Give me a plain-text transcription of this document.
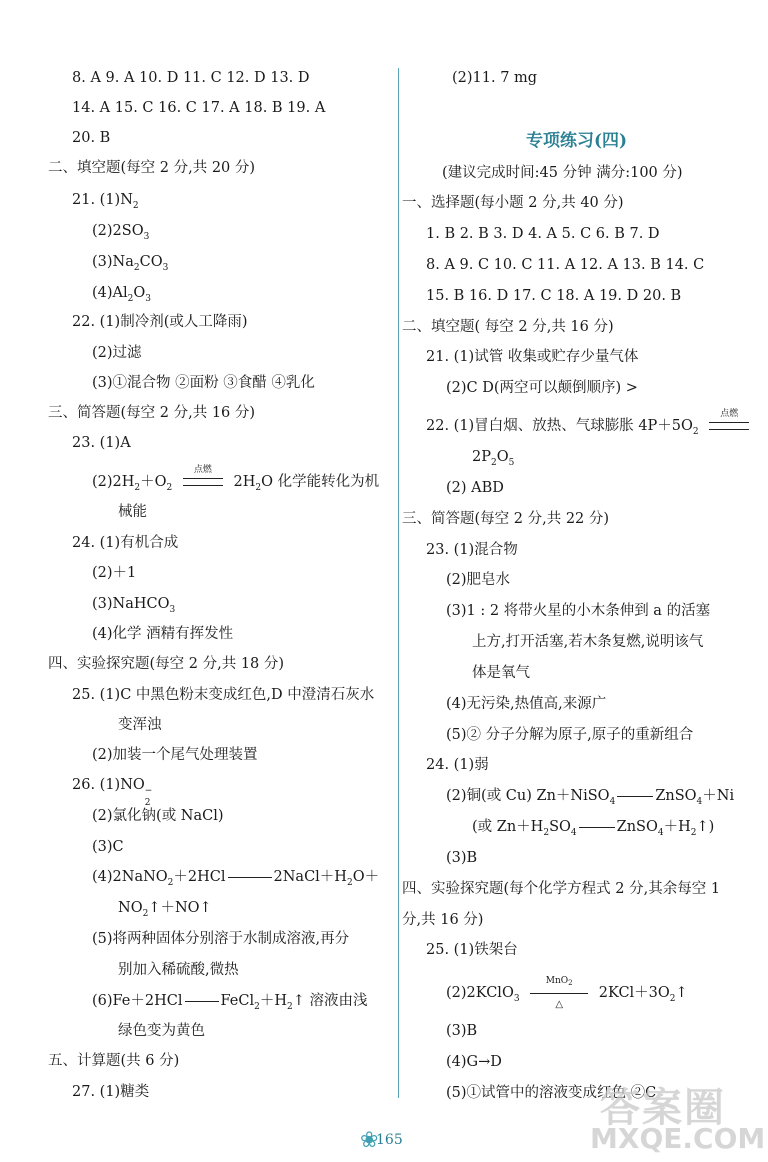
8. A 9. A 10. D 11. C 12. D 13. D
14. A 15. C 16. C 17. A 18. B 19. A
20. B
二、填空题(每空 2 分,共 20 分)
21. $(1)N_2$
$(2)2SO_3$
$(3)Na_2CO_3$
$(4)Al_2O_3$
22. (1)制冷剂(或人工降雨)
(2)过滤
(3)①混合物 ②面粉 ③食醋 ④乳化
三、简答题(每空 2 分,共 16 分)
23. (1)A
$(2)2H_2+O_2$
点燃
$2H_2O$ 化学能转化为机
械能
24. (1)有机合成
(2)＋1
(3)NaHCO$_3$
(4)化学 酒精有挥发性
四、实验探究题(每空 2 分,共 18 分)
25. (1)C 中黑色粉末变成红色,D 中澄清石灰水
变浑浊
(2)加装一个尾气处理装置
26. (1)NO −
2
(2)氯化钠(或 NaCl)
(3)C
(4)2NaNO$_2$＋2HCl	$2NaCl+H_2O+$
$NO_2↑+NO↑$
(5)将两种固体分别溶于水制成溶液,再分
别加入稀硫酸,微热
(6)Fe＋2HCl	$FeCl_2+H_2↑$ 溶液由浅
绿色变为黄色
五、计算题(共 6 分)
27. (1)糖类
(2)11. 7 mg
专项练习(四)
(建议完成时间:45 分钟 满分:100 分)
一、选择题(每小题 2 分,共 40 分)
1. B 2. B 3. D 4. A 5. C 6. B 7. D
8. A 9. C 10. C 11. A 12. A 13. B 14. C
15. B 16. D 17. C 18. A 19. D 20. B
二、填空题( 每空 2 分,共 16 分)
21. (1)试管 收集或贮存少量气体
(2)C D(两空可以颠倒顺序) >
22. (1)冒白烟、放热、气球膨胀 $4P+5O_2$
点燃
$2P_2O_5$
(2) ABD
三、简答题(每空 2 分,共 22 分)
23. (1)混合物
(2)肥皂水
(3)1 : 2 将带火星的小木条伸到 a 的活塞
上方,打开活塞,若木条复燃,说明该气
体是氧气
(4)无污染,热值高,来源广
(5)② 分子分解为原子,原子的重新组合
24. (1)弱
(2)铜(或 Cu) Zn＋NiSO$_4$	ZnSO$_4$＋Ni
(或 $Zn+H_2SO_4$	$ZnSO_4+H_2↑$)
(3)B
四、实验探究题(每个化学方程式 2 分,其余每空 1
分,共 16 分)
25. (1)铁架台
(2)2KClO$_3$
MnO$_2$
△
$2KCl+3O_2↑$
(3)B
(4)G→D
(5)①试管中的溶液变成红色 ②C
❀
165
答案圈
MXQE.COM
